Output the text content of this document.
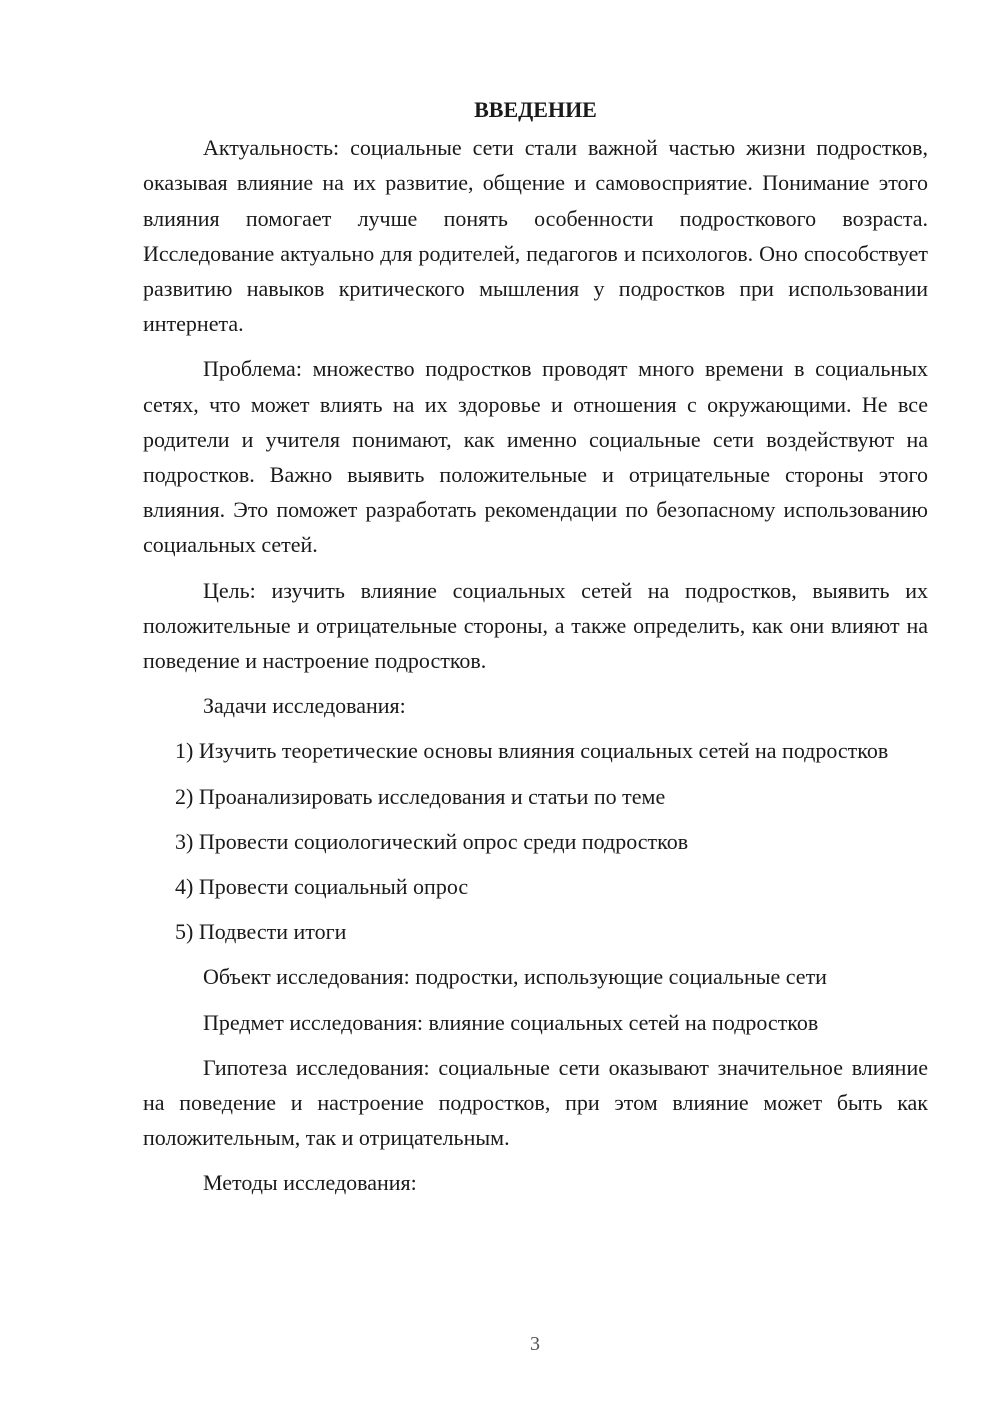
ВВЕДЕНИЕ

Актуальность: социальные сети стали важной частью жизни подростков, оказывая влияние на их развитие, общение и самовосприятие. Понимание этого влияния помогает лучше понять особенности подросткового возраста. Исследование актуально для родителей, педагогов и психологов. Оно способствует развитию навыков критического мышления у подростков при использовании интернета.

Проблема: множество подростков проводят много времени в социальных сетях, что может влиять на их здоровье и отношения с окружающими. Не все родители и учителя понимают, как именно социальные сети воздействуют на подростков. Важно выявить положительные и отрицательные стороны этого влияния. Это поможет разработать рекомендации по безопасному использованию социальных сетей.

Цель: изучить влияние социальных сетей на подростков, выявить их положительные и отрицательные стороны, а также определить, как они влияют на поведение и настроение подростков.

Задачи исследования:

1) Изучить теоретические основы влияния социальных сетей на подростков

2) Проанализировать исследования и статьи по теме

3) Провести социологический опрос среди подростков

4) Провести социальный опрос

5) Подвести итоги

Объект исследования: подростки, использующие социальные сети

Предмет исследования: влияние социальных сетей на подростков

Гипотеза исследования: социальные сети оказывают значительное влияние на поведение и настроение подростков, при этом влияние может быть как положительным, так и отрицательным.

Методы исследования:

3
